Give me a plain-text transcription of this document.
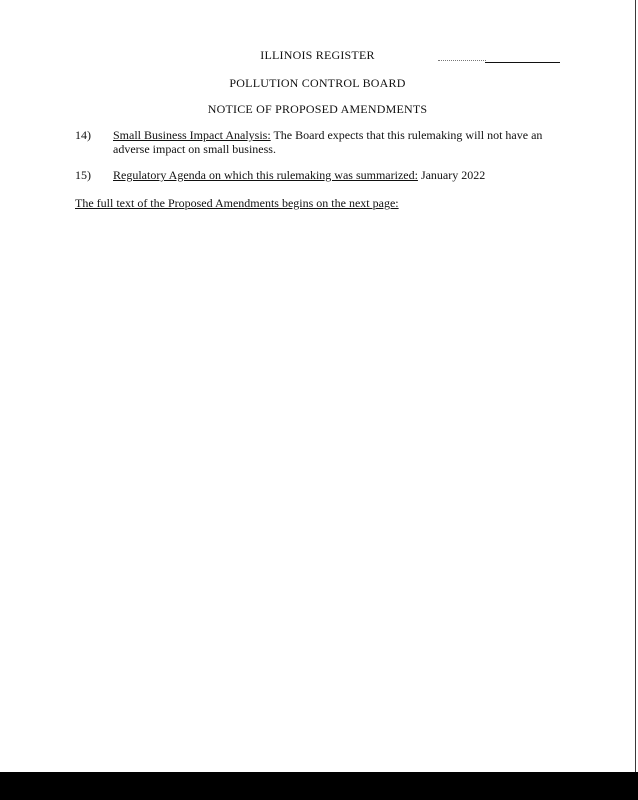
ILLINOIS REGISTER
POLLUTION CONTROL BOARD
NOTICE OF PROPOSED AMENDMENTS
14)	Small Business Impact Analysis: The Board expects that this rulemaking will not have an adverse impact on small business.
15)	Regulatory Agenda on which this rulemaking was summarized: January 2022
The full text of the Proposed Amendments begins on the next page:
